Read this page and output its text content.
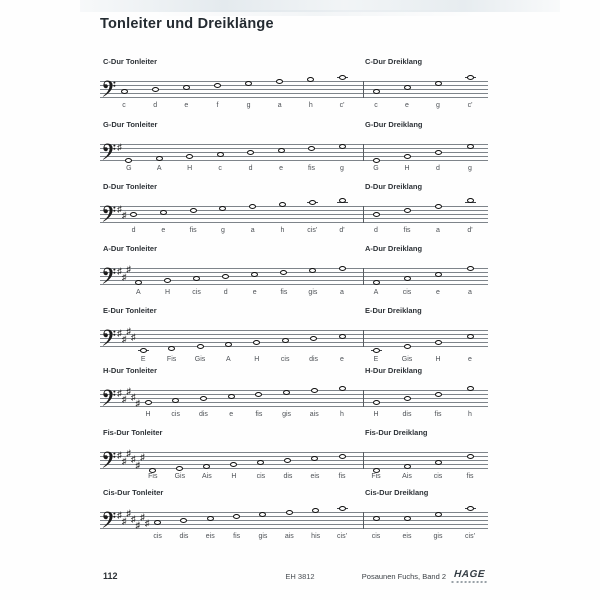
Tonleiter und Dreiklänge
C-Dur Tonleiter	C-Dur Dreiklang
c	d	e	f	g	a	h	c'	c	e	g	c'
G-Dur Tonleiter	G-Dur Dreiklang
♯
G	A	H	c	d	e	fis	g	G	H	d	g
D-Dur Tonleiter	D-Dur Dreiklang
♯
♯
d	e	fis	g	a	h	cis'	d'	d	fis	a	d'
A-Dur Tonleiter	A-Dur Dreiklang
♯
♯
♯
A	H	cis	d	e	fis	gis	a	A	cis	e	a
E-Dur Tonleiter	E-Dur Dreiklang
♯
♯
♯
♯
E	Fis	Gis	A	H	cis	dis	e	E	Gis	H	e
H-Dur Tonleiter	H-Dur Dreiklang
♯
♯
♯
♯
♯
H	cis	dis	e	fis	gis	ais	h	H	dis	fis	h
Fis-Dur Tonleiter	Fis-Dur Dreiklang
♯
♯
♯
♯
♯
♯
Fis	Gis	Ais	H	cis	dis	eis	fis	Fis	Ais	cis	fis
Cis-Dur Tonleiter	Cis-Dur Dreiklang
♯
♯
♯
♯
♯
♯
♯
cis	dis	eis	fis	gis	ais	his	cis'	cis	eis	gis	cis'
112	EH 3812	Posaunen Fuchs, Band 2 HAGE
